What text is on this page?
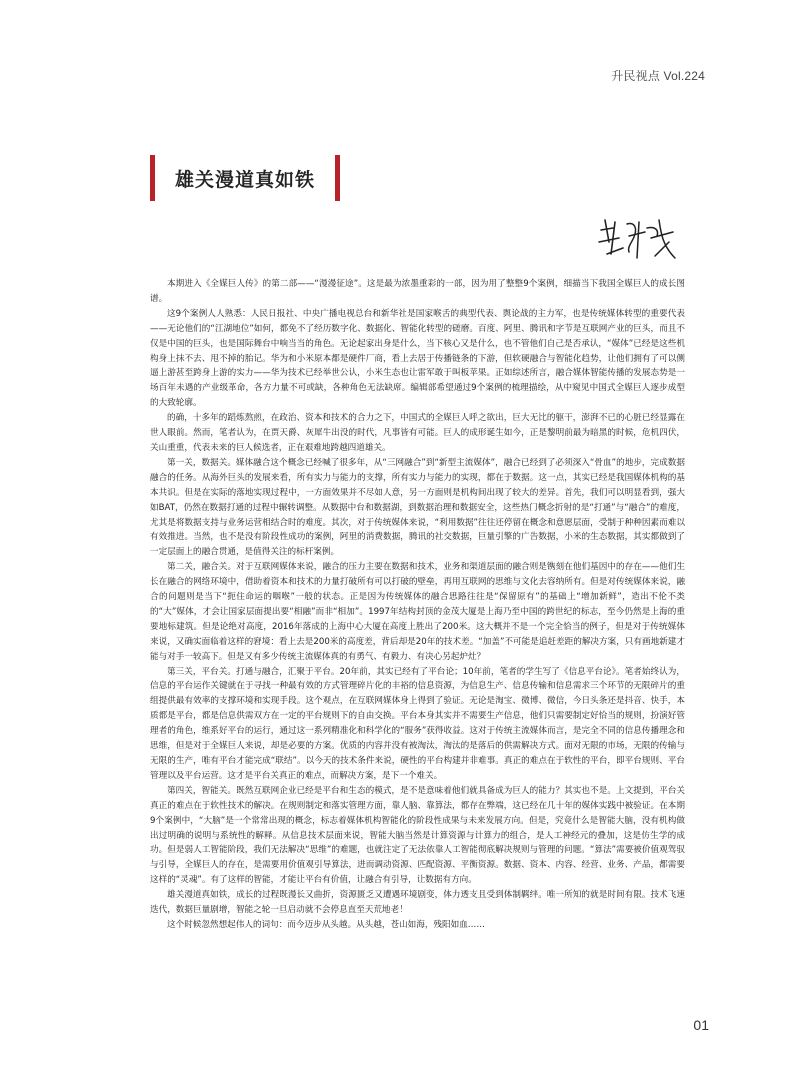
升民视点 Vol.224
雄关漫道真如铁

本期进入《全媒巨人传》的第二部——“漫漫征途”。这是最为浓墨重彩的一部，因为用了整整9个案例，细描当下我国全媒巨人的成长图谱。

这9个案例人人熟悉：人民日报社、中央广播电视总台和新华社是国家喉舌的典型代表、舆论战的主力军，也是传统媒体转型的重要代表——无论他们的“江湖地位”如何，都免不了经历数字化、数据化、智能化转型的磋磨。百度、阿里、腾讯和字节是互联网产业的巨头，而且不仅是中国的巨头，也是国际舞台中响当当的角色。无论起家出身是什么，当下核心又是什么，也不管他们自己是否承认，“媒体”已经是这些机构身上抹不去、甩不掉的胎记。华为和小米原本都是硬件厂商，看上去居于传播链条的下游，但软硬融合与智能化趋势，让他们拥有了可以侧逼上游甚至跨身上游的实力——华为技术已经举世公认，小米生态也让雷军敢于叫板苹果。正如综述所言，融合媒体智能传播的发展态势是一场百年未遇的产业级革命，各方力量不可或缺，各种角色无法缺席。编辑部希望通过9个案例的梳理描绘，从中窥见中国式全媒巨人逐步成型的大致轮廓。

的确，十多年的蹈炼熬煎，在政治、资本和技术的合力之下，中国式的全媒巨人呼之欲出，巨大无比的躯干，澎湃不已的心脏已经显露在世人眼前。然而，笔者认为，在贾天爵、灰犀牛出没的时代，凡事皆有可能。巨人的成形诞生如今，正是黎明前最为暗黑的时候，危机四伏，关山重重，代表未来的巨人候选者，正在艰难地跨越四道雄关。

第一关，数据关。媒体融合这个概念已经喊了很多年，从“三网融合”到“新型主流媒体”，融合已经到了必须深入“骨血”的地步，完成数据融合的任务。从海外巨头的发展来看，所有实力与能力的支撑，所有实力与能力的实现，都在于数据。这一点，其实已经是我国媒体机构的基本共识。但是在实际的落地实现过程中，一方面效果并不尽如人意，另一方面则是机构间出现了较大的差异。首先，我们可以明显看到，强大如BAT，仍然在数据打通的过程中辗转调整。从数据中台和数据湖，到数据治理和数据安全，这些热门概念折射的是“打通”与“融合”的难度，尤其是将数据支持与业务运营相结合时的难度。其次，对于传统媒体来说，“利用数据”往往还停留在概念和意愿层面，受制于种种因素而难以有效推进。当然，也不是没有阶段性成功的案例，阿里的消费数据，腾讯的社交数据，巨量引擎的广告数据，小米的生态数据，其实都做到了一定层面上的融合贯通，是值得关注的标杆案例。

第二关，融合关。对于互联网媒体来说，融合的压力主要在数据和技术，业务和渠道层面的融合则是镌刻在他们基因中的存在——他们生长在融合的网络环境中，借助着资本和技术的力量打破所有可以打破的壁垒，再用互联网的思维与文化去容纳所有。但是对传统媒体来说，融合的问题则是当下“扼住命运的咽喉”一般的状态。正是因为传统媒体的融合思路往往是“保留原有”的基础上“增加新鲜”，造出不伦不类的“大”媒体，才会让国家层面提出要“相融”而非“相加”。1997年结构封顶的金茂大厦是上海乃至中国的跨世纪的标志，至今仍然是上海的重要地标建筑。但是论绝对高度，2016年落成的上海中心大厦在高度上胜出了200米。这大概并不是一个完全恰当的例子，但是对于传统媒体来说，又确实面临着这样的窘境：看上去是200米的高度差，背后却是20年的技术差。“加盖”不可能是追赶差距的解决方案，只有画地新建才能与对手一较高下。但是又有多少传统主流媒体真的有勇气、有毅力、有决心另起炉灶？

第三关，平台关。打通与融合，汇聚于平台。20年前，其实已经有了平台论；10年前，笔者的学生写了《信息平台论》。笔者始终认为，信息的平台运作关键就在于寻找一种最有效的方式管理碎片化的丰裕的信息资源，为信息生产、信息传输和信息需求三个环节的无限碎片的重组提供最有效率的支撑环境和实现手段。这个观点，在互联网媒体身上得到了验证。无论是淘宝、微博、微信，今日头条还是抖音、快手，本质都是平台，都是信息供需双方在一定的平台规则下的自由交换。平台本身其实并不需要生产信息，他们只需要制定好恰当的规则，扮演好管理者的角色，维系好平台的运行，通过这一系列精准化和科学化的“服务”获得收益。这对于传统主流媒体而言，是完全不同的信息传播理念和思维，但是对于全媒巨人来说，却是必要的方案。优质的内容并没有被淘汰，淘汰的是落后的供需解决方式。面对无限的市场，无限的传输与无限的生产，唯有平台才能完成“联结”。以今天的技术条件来说，硬性的平台构建并非难事。真正的难点在于软性的平台，即平台规则、平台管理以及平台运营。这才是平台关真正的难点，而解决方案，是下一个难关。

第四关，智能关。既然互联网企业已经是平台和生态的模式，是不是意味着他们就具备成为巨人的能力？其实也不是。上文提到，平台关真正的难点在于软性技术的解决。在规则制定和落实管理方面，靠人脑、靠算法，都存在弊端，这已经在几十年的媒体实践中被验证。在本期9个案例中，“大脑”是一个常常出现的概念，标志着媒体机构智能化的阶段性成果与未来发展方向。但是，究竟什么是智能大脑，没有机构做出过明确的说明与系统性的解释。从信息技术层面来说，智能大脑当然是计算资源与计算力的组合，是人工神经元的叠加，这是仿生学的成功。但是弱人工智能阶段，我们无法解决“思维”的难题，也就注定了无法依靠人工智能彻底解决规则与管理的问题。“算法”需要被价值观驾驭与引导，全媒巨人的存在，是需要用价值观引导算法，进而调动资源、匹配资源、平衡资源。数据、资本、内容、经营、业务、产品，都需要这样的“灵魂”。有了这样的智能，才能让平台有价值，让融合有引导，让数据有方向。

雄关漫道真如铁，成长的过程既漫长又曲折，资源匮乏又遭遇环境剧变，体力透支且受到体制羁绊。唯一所知的就是时间有限。技术飞速迭代，数据巨量剧增，智能之轮一旦启动就不会停息直至天荒地老！

这个时候忽然想起伟人的词句：而今迈步从头越。从头越，苍山如海，残阳如血……

01
